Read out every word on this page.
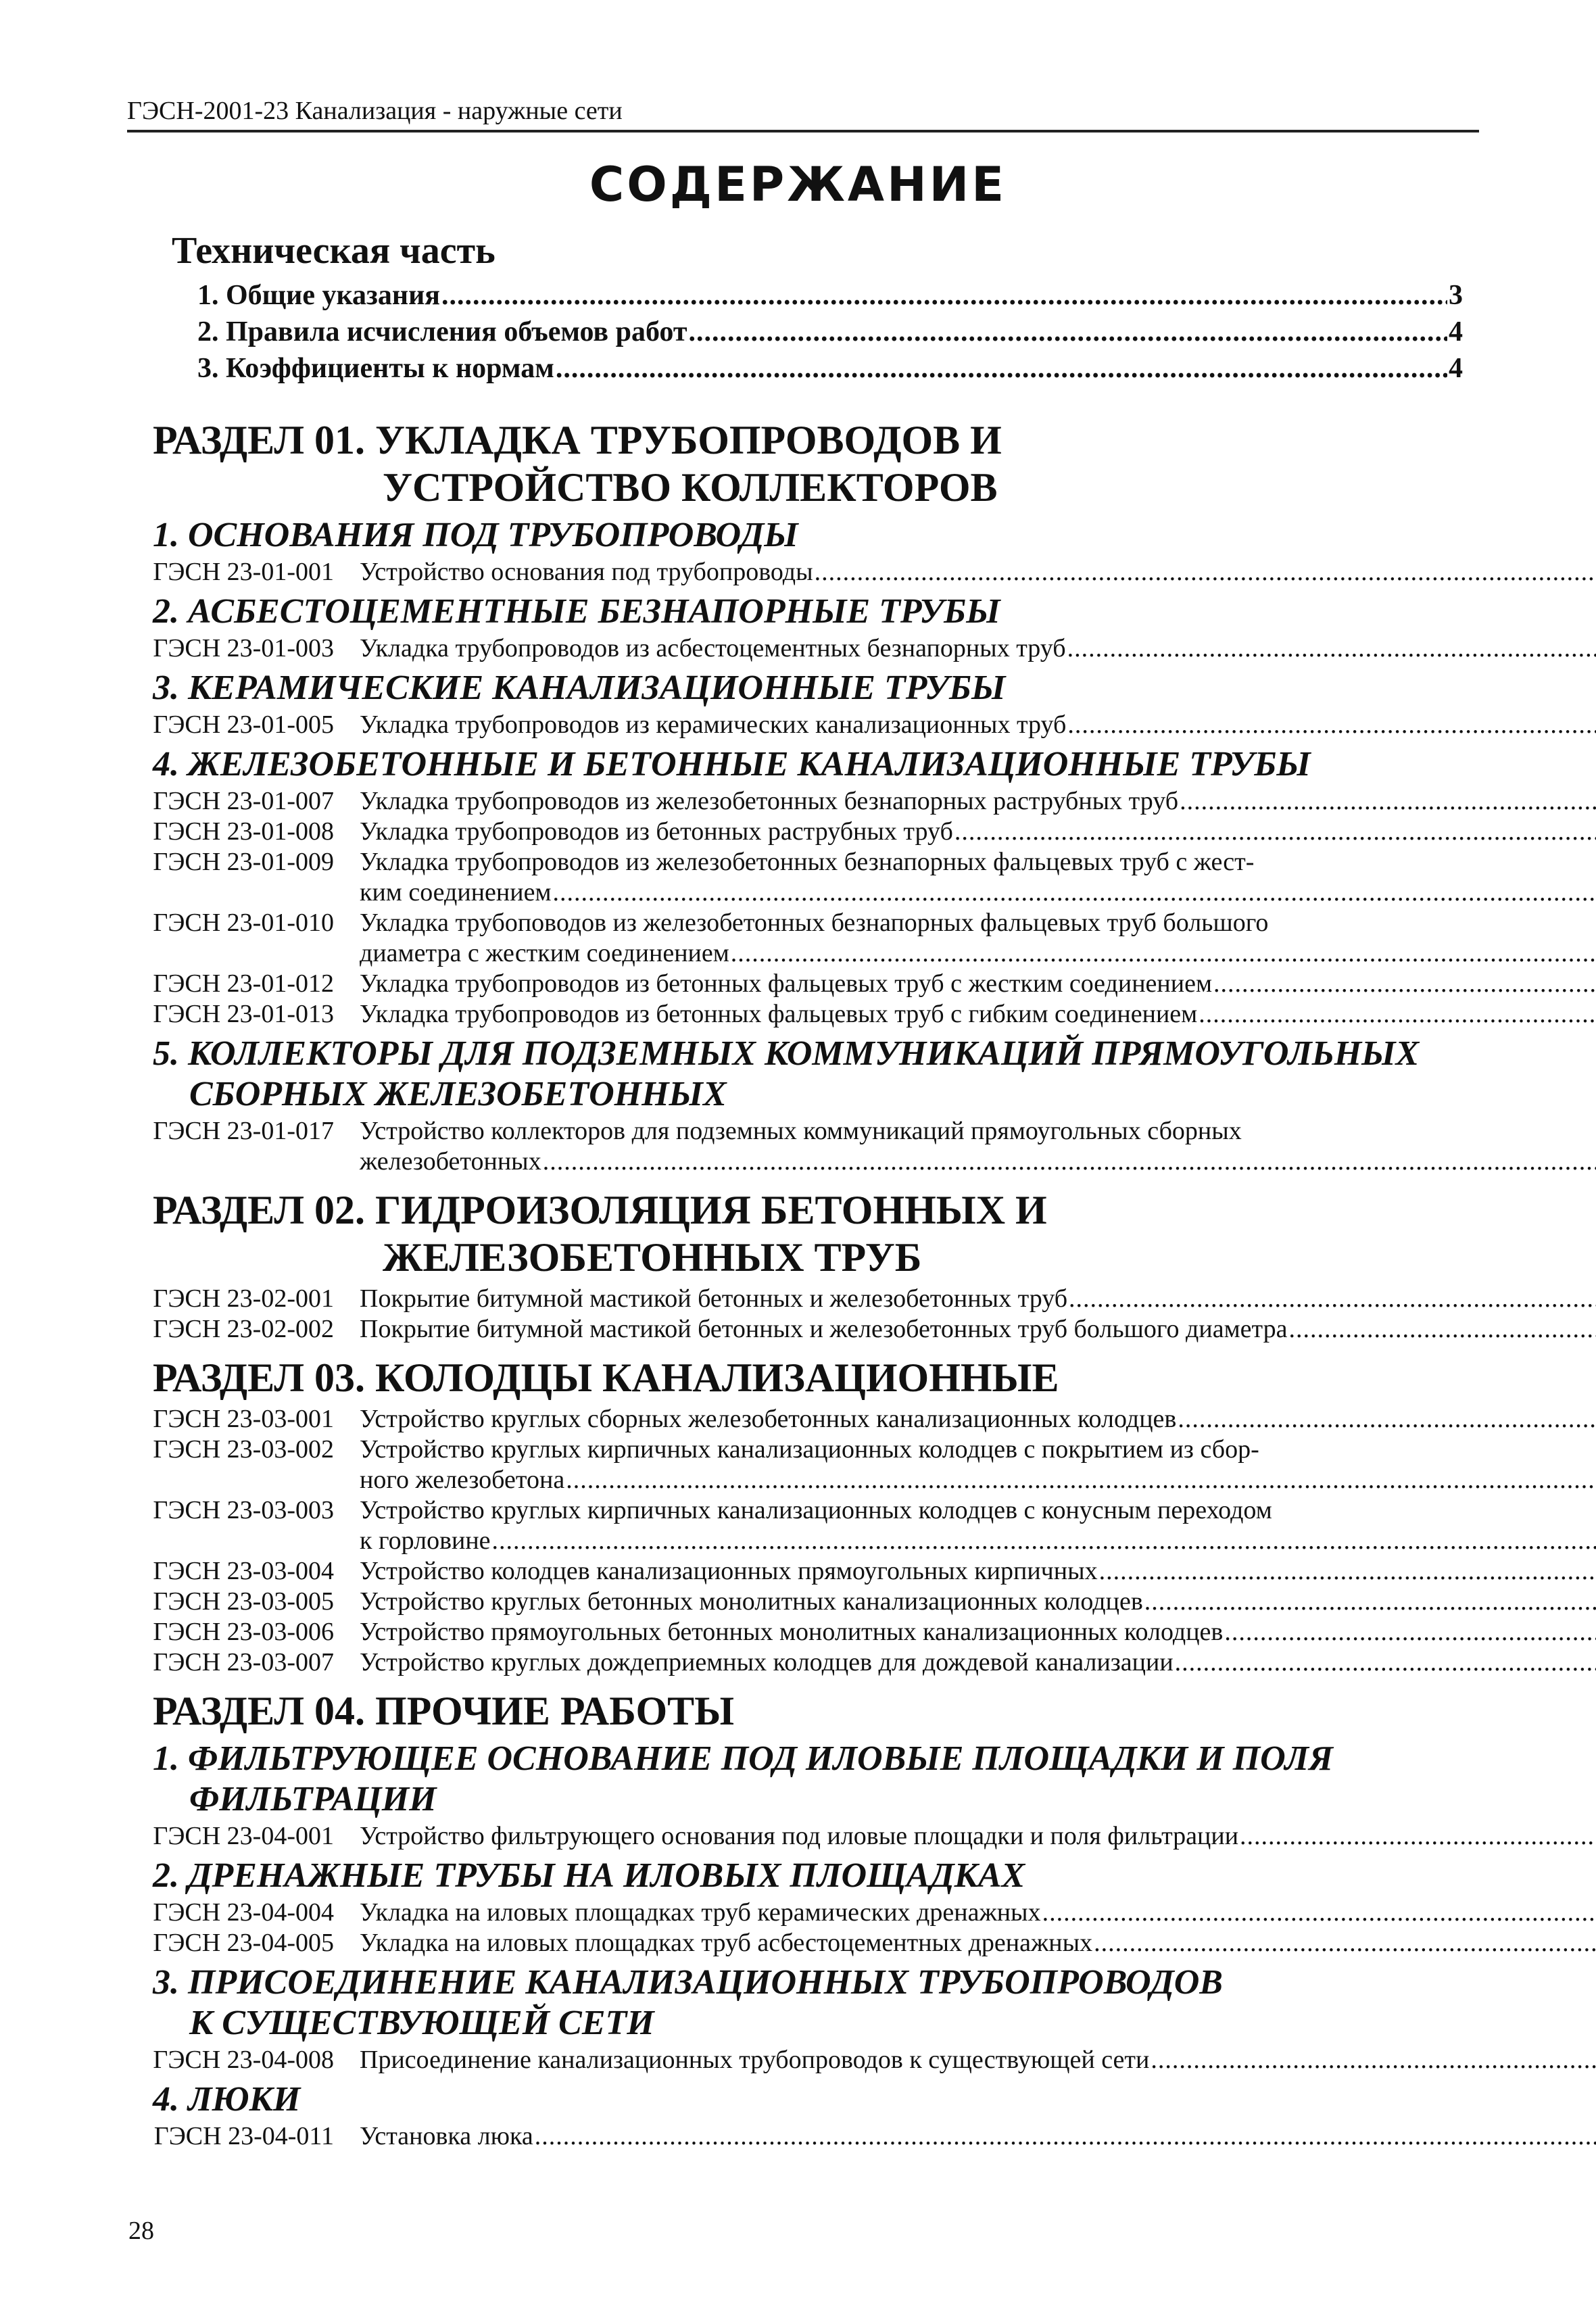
ГЭСН-2001-23 Канализация - наружные сети
СОДЕРЖАНИЕ
Техническая часть
1. Общие указания .....	3
2. Правила исчисления объемов работ .....	4
3. Коэффициенты к нормам .....	4
РАЗДЕЛ 01. УКЛАДКА ТРУБОПРОВОДОВ И
УСТРОЙСТВО КОЛЛЕКТОРОВ
1. ОСНОВАНИЯ ПОД ТРУБОПРОВОДЫ
ГЭСН 23-01-001	Устройство основания под трубопроводы
.....
2. АСБЕСТОЦЕМЕНТНЫЕ БЕЗНАПОРНЫЕ ТРУБЫ
ГЭСН 23-01-003	Укладка трубопроводов из асбестоцементных безнапорных труб
.....
3. КЕРАМИЧЕСКИЕ КАНАЛИЗАЦИОННЫЕ ТРУБЫ
ГЭСН 23-01-005	Укладка трубопроводов из керамических канализационных труб
.....
4. ЖЕЛЕЗОБЕТОННЫЕ И БЕТОННЫЕ КАНАЛИЗАЦИОННЫЕ ТРУБЫ
ГЭСН 23-01-007	Укладка трубопроводов из железобетонных безнапорных раструбных труб
.....
ГЭСН 23-01-008	Укладка трубопроводов из бетонных раструбных труб
.....
ГЭСН 23-01-009	Укладка трубопроводов из железобетонных безнапорных фальцевых труб с жест-
ким соединением
.....
ГЭСН 23-01-010	Укладка трубоповодов из железобетонных безнапорных фальцевых труб большого
диаметра с жестким соединением
.....
ГЭСН 23-01-012	Укладка трубопроводов из бетонных фальцевых труб с жестким соединением
.....
ГЭСН 23-01-013	Укладка трубопроводов из бетонных фальцевых труб с гибким соединением
.....
5. КОЛЛЕКТОРЫ ДЛЯ ПОДЗЕМНЫХ КОММУНИКАЦИЙ ПРЯМОУГОЛЬНЫХ
СБОРНЫХ ЖЕЛЕЗОБЕТОННЫХ
ГЭСН 23-01-017	Устройство коллекторов для подземных коммуникаций прямоугольных сборных
железобетонных
.....
РАЗДЕЛ 02. ГИДРОИЗОЛЯЦИЯ БЕТОННЫХ И
ЖЕЛЕЗОБЕТОННЫХ ТРУБ
ГЭСН 23-02-001	Покрытие битумной мастикой бетонных и железобетонных труб
.....
ГЭСН 23-02-002	Покрытие битумной мастикой бетонных и железобетонных труб большого диаметра
.....
РАЗДЕЛ 03. КОЛОДЦЫ КАНАЛИЗАЦИОННЫЕ
ГЭСН 23-03-001	Устройство круглых сборных железобетонных канализационных колодцев
.....
ГЭСН 23-03-002	Устройство круглых кирпичных канализационных колодцев с покрытием из сбор-
ного железобетона
.....
ГЭСН 23-03-003	Устройство круглых кирпичных канализационных колодцев с конусным переходом
к горловине
.....
ГЭСН 23-03-004	Устройство колодцев канализационных прямоугольных кирпичных
.....
ГЭСН 23-03-005	Устройство круглых бетонных монолитных канализационных колодцев
.....
ГЭСН 23-03-006	Устройство прямоугольных бетонных монолитных канализационных колодцев
.....
ГЭСН 23-03-007	Устройство круглых дождеприемных колодцев для дождевой канализации
.....
РАЗДЕЛ 04. ПРОЧИЕ РАБОТЫ
1. ФИЛЬТРУЮЩЕЕ ОСНОВАНИЕ ПОД ИЛОВЫЕ ПЛОЩАДКИ И ПОЛЯ
ФИЛЬТРАЦИИ
ГЭСН 23-04-001	Устройство фильтрующего основания под иловые площадки и поля фильтрации
.....
2. ДРЕНАЖНЫЕ ТРУБЫ НА ИЛОВЫХ ПЛОЩАДКАХ
ГЭСН 23-04-004	Укладка на иловых площадках труб керамических дренажных
.....
ГЭСН 23-04-005	Укладка на иловых площадках труб асбестоцементных дренажных
.....
3. ПРИСОЕДИНЕНИЕ КАНАЛИЗАЦИОННЫХ ТРУБОПРОВОДОВ
К СУЩЕСТВУЮЩЕЙ СЕТИ
ГЭСН 23-04-008	Присоединение канализационных трубопроводов к существующей сети
.....
4. ЛЮКИ
ГЭСН 23-04-011	Установка люка
.....
28
